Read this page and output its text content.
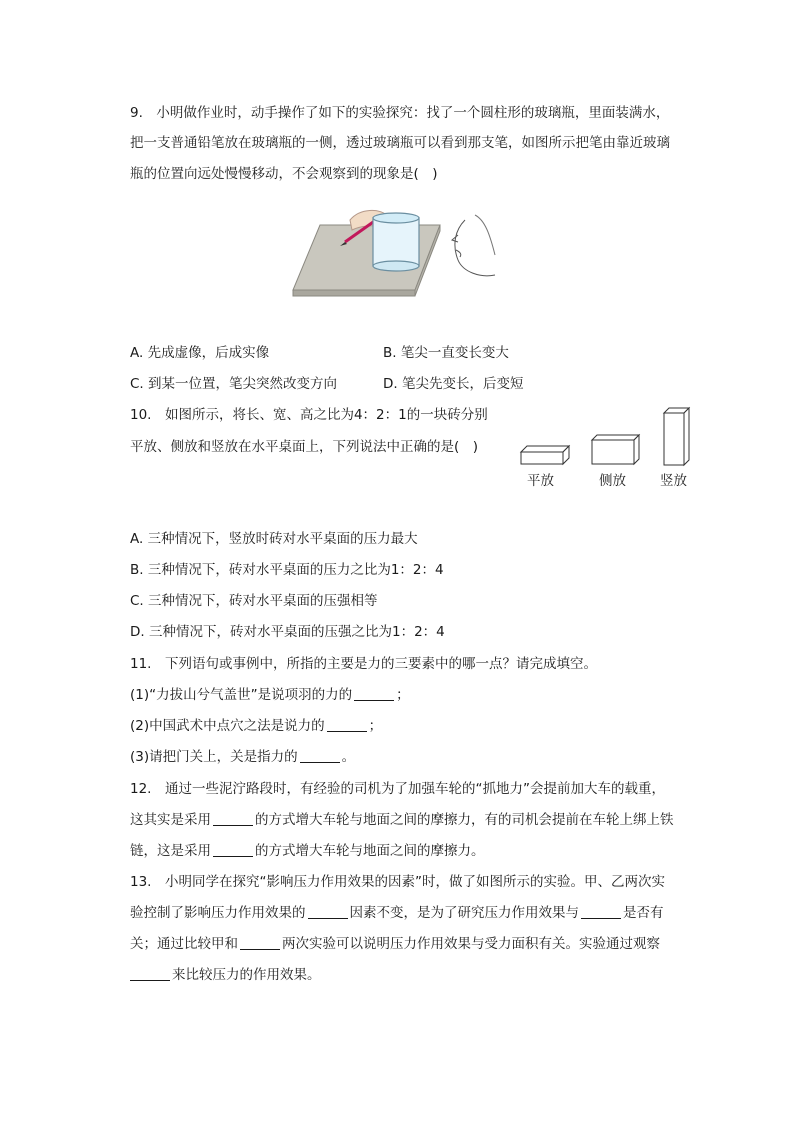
9.　小明做作业时，动手操作了如下的实验探究：找了一个圆柱形的玻璃瓶，里面装满水，
把一支普通铅笔放在玻璃瓶的一侧，透过玻璃瓶可以看到那支笔，如图所示把笔由靠近玻璃
瓶的位置向远处慢慢移动，不会观察到的现象是(　)
A. 先成虚像，后成实像	B. 笔尖一直变长变大
C. 到某一位置，笔尖突然改变方向	D. 笔尖先变长，后变短
10.　如图所示，将长、宽、高之比为4：2：1的一块砖分别
平放、侧放和竖放在水平桌面上，下列说法中正确的是(　)
平放	侧放	竖放
A. 三种情况下，竖放时砖对水平桌面的压力最大
B. 三种情况下，砖对水平桌面的压力之比为1：2：4
C. 三种情况下，砖对水平桌面的压强相等
D. 三种情况下，砖对水平桌面的压强之比为1：2：4
11.　下列语句或事例中，所指的主要是力的三要素中的哪一点？请完成填空。
(1)“力拔山兮气盖世”是说项羽的力的	；
(2)中国武术中点穴之法是说力的	；
(3)请把门关上，关是指力的	。
12.　通过一些泥泞路段时，有经验的司机为了加强车轮的“抓地力”会提前加大车的载重，
这其实是采用	的方式增大车轮与地面之间的摩擦力，有的司机会提前在车轮上绑上铁
链，这是采用	的方式增大车轮与地面之间的摩擦力。
13.　小明同学在探究“影响压力作用效果的因素”时，做了如图所示的实验。甲、乙两次实
验控制了影响压力作用效果的	因素不变，是为了研究压力作用效果与	是否有
关；通过比较甲和	两次实验可以说明压力作用效果与受力面积有关。实验通过观察
来比较压力的作用效果。
